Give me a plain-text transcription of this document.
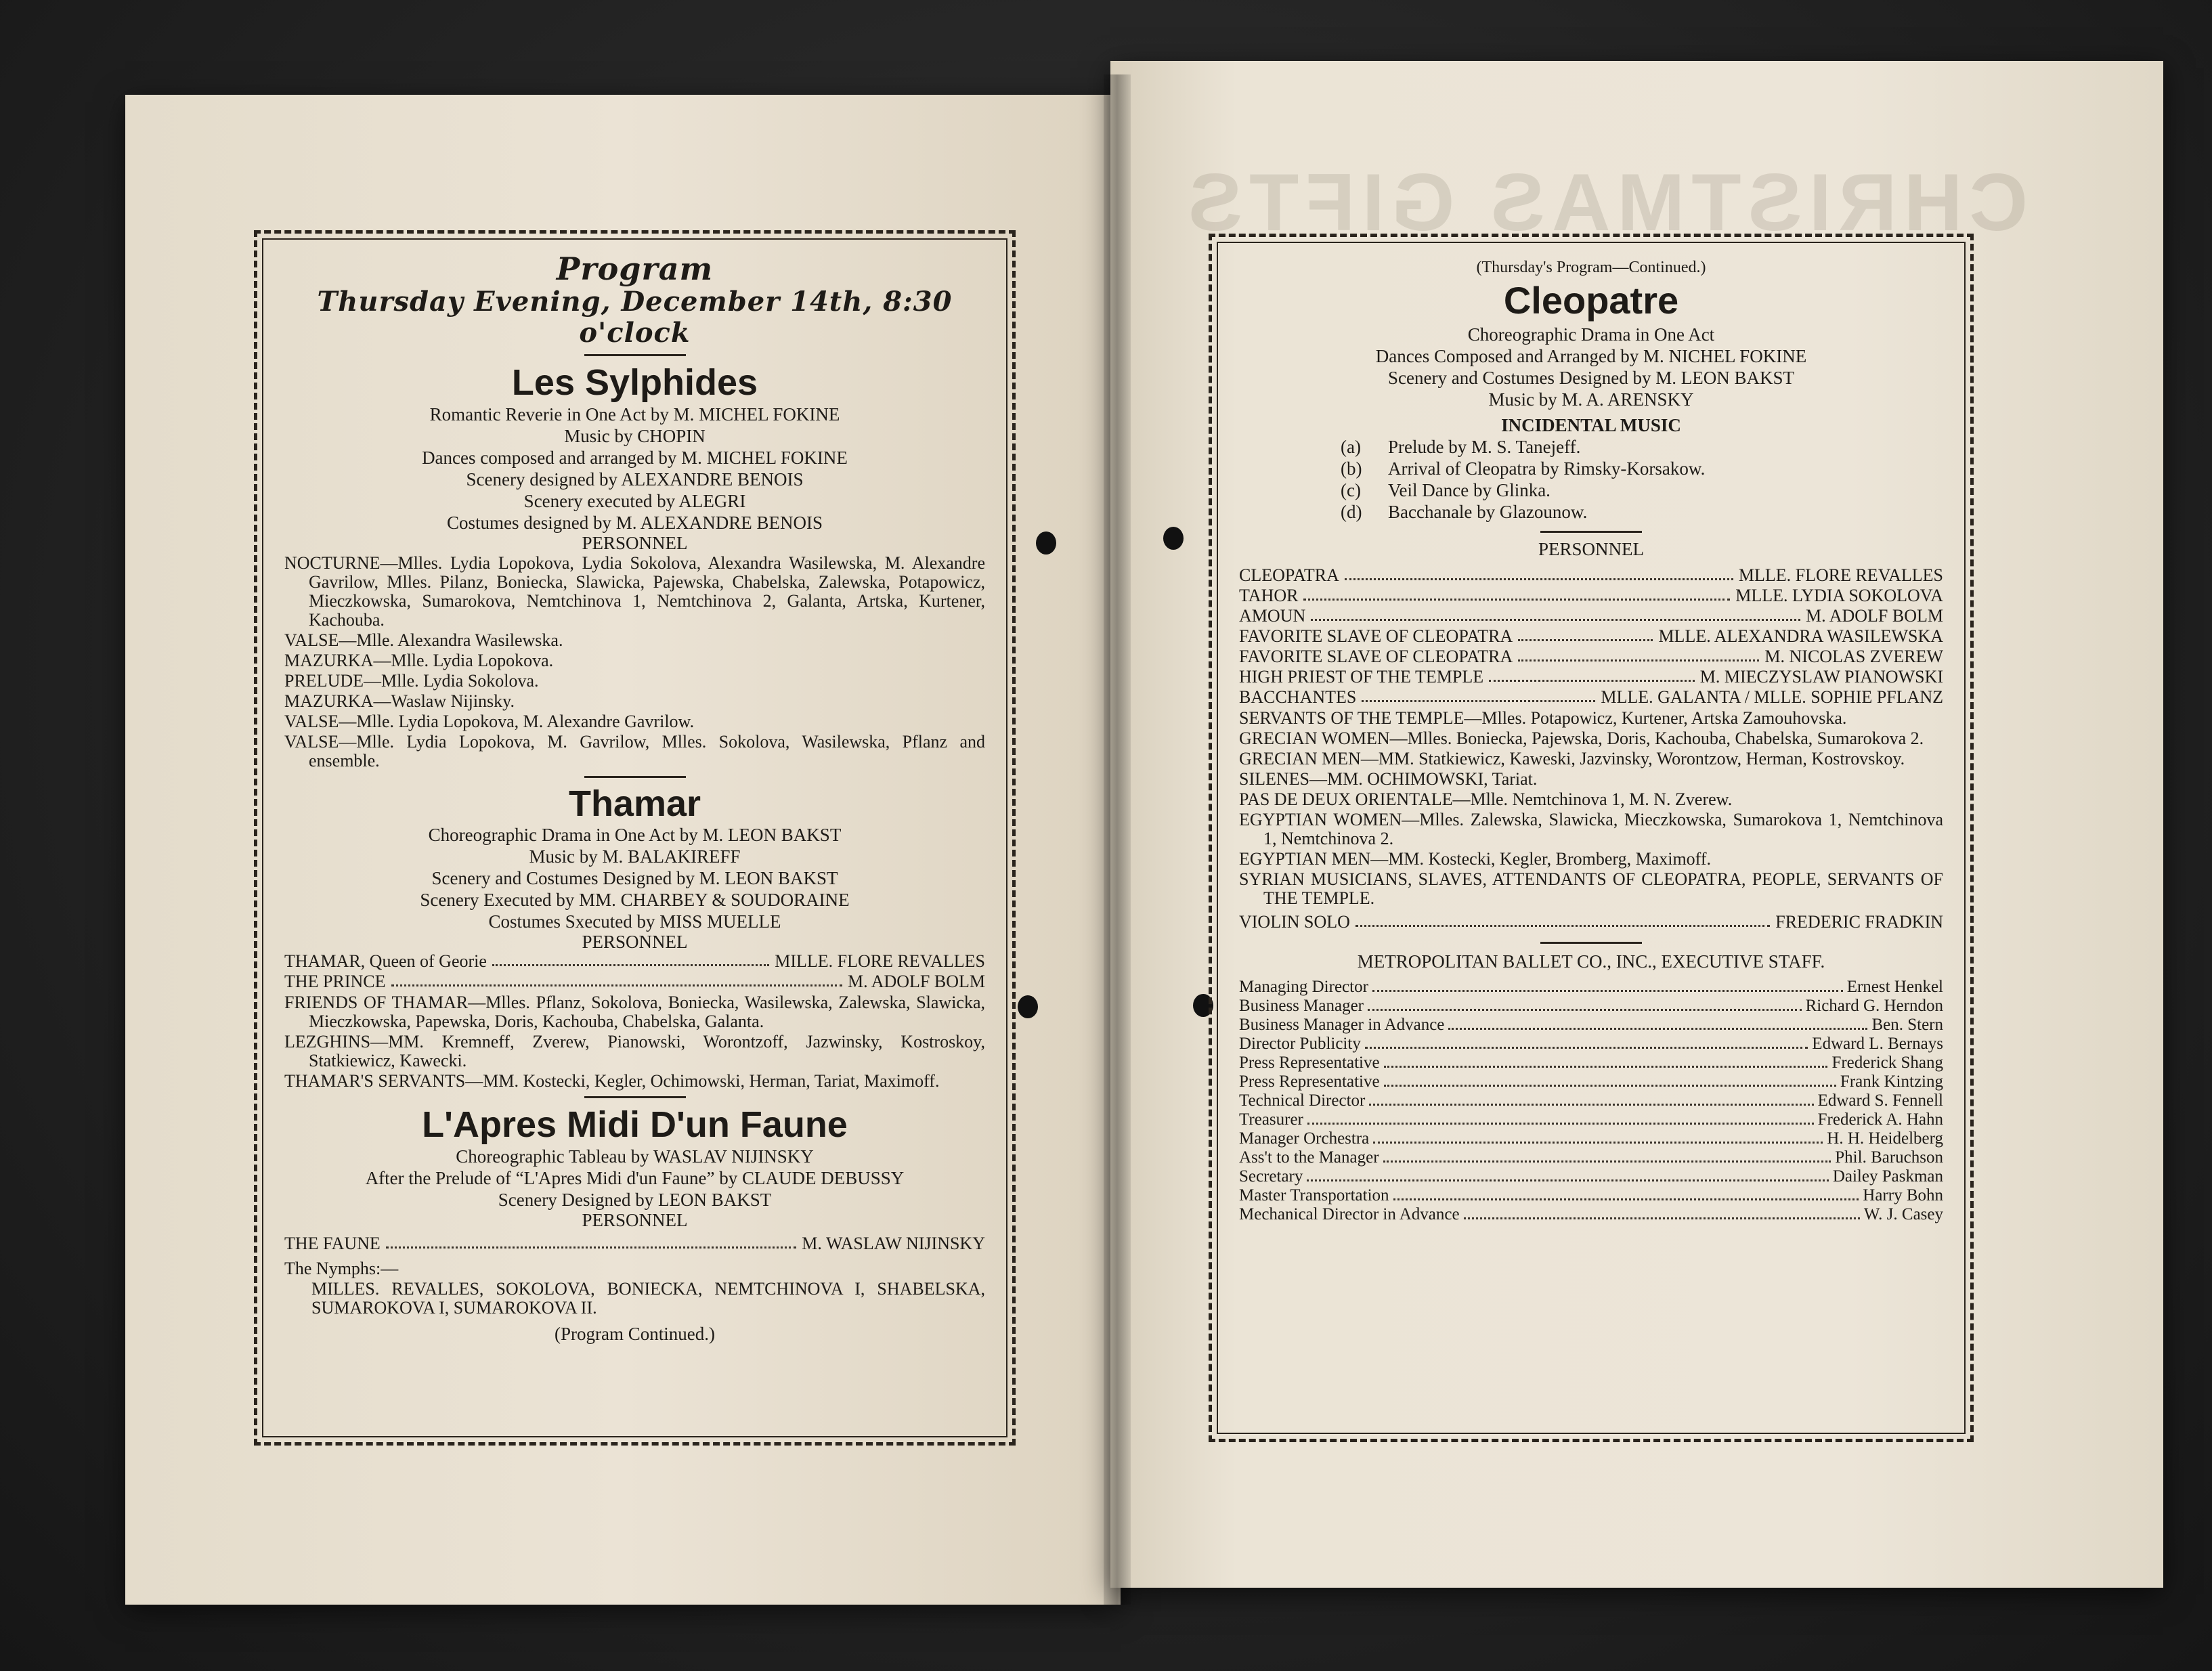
CHRISTMAS GIFTS
Program
Thursday Evening, December 14th, 8:30 o'clock
Les Sylphides
Romantic Reverie in One Act by M. MICHEL FOKINE
Music by CHOPIN
Dances composed and arranged by M. MICHEL FOKINE
Scenery designed by ALEXANDRE BENOIS
Scenery executed by ALEGRI
Costumes designed by M. ALEXANDRE BENOIS
PERSONNEL
NOCTURNE—Mlles. Lydia Lopokova, Lydia Sokolova, Alexandra Wasilewska, M. Alexandre Gavrilow, Mlles. Pilanz, Boniecka, Slawicka, Pajewska, Chabelska, Zalewska, Potapowicz, Mieczkowska, Sumarokova, Nemtchinova 1, Nemtchinova 2, Galanta, Artska, Kurtener, Kachouba.
VALSE—Mlle. Alexandra Wasilewska.
MAZURKA—Mlle. Lydia Lopokova.
PRELUDE—Mlle. Lydia Sokolova.
MAZURKA—Waslaw Nijinsky.
VALSE—Mlle. Lydia Lopokova, M. Alexandre Gavrilow.
VALSE—Mlle. Lydia Lopokova, M. Gavrilow, Mlles. Sokolova, Wasilewska, Pflanz and ensemble.
Thamar
Choreographic Drama in One Act by M. LEON BAKST
Music by M. BALAKIREFF
Scenery and Costumes Designed by M. LEON BAKST
Scenery Executed by MM. CHARBEY & SOUDORAINE
Costumes Sxecuted by MISS MUELLE
PERSONNEL
THAMAR, Queen of Georie	MILLE. FLORE REVALLES
THE PRINCE	M. ADOLF BOLM
FRIENDS OF THAMAR—Mlles. Pflanz, Sokolova, Boniecka, Wasilewska, Zalewska, Slawicka, Mieczkowska, Papewska, Doris, Kachouba, Chabelska, Galanta.
LEZGHINS—MM. Kremneff, Zverew, Pianowski, Worontzoff, Jazwinsky, Kostroskoy, Statkiewicz, Kawecki.
THAMAR'S SERVANTS—MM. Kostecki, Kegler, Ochimowski, Herman, Tariat, Maximoff.
L'Apres Midi D'un Faune
Choreographic Tableau by WASLAV NIJINSKY
After the Prelude of “L'Apres Midi d'un Faune” by CLAUDE DEBUSSY
Scenery Designed by LEON BAKST
PERSONNEL
THE FAUNE	M. WASLAW NIJINSKY
The Nymphs:—
MILLES. REVALLES, SOKOLOVA, BONIECKA, NEMTCHINOVA I, SHABELSKA, SUMAROKOVA I, SUMAROKOVA II.
(Program Continued.)
(Thursday's Program—Continued.)
Cleopatre
Choreographic Drama in One Act
Dances Composed and Arranged by M. NICHEL FOKINE
Scenery and Costumes Designed by M. LEON BAKST
Music by M. A. ARENSKY
INCIDENTAL MUSIC
(a)	Prelude by M. S. Tanejeff.
(b)	Arrival of Cleopatra by Rimsky-Korsakow.
(c)	Veil Dance by Glinka.
(d)	Bacchanale by Glazounow.
PERSONNEL
CLEOPATRA	MLLE. FLORE REVALLES
TAHOR	MLLE. LYDIA SOKOLOVA
AMOUN	M. ADOLF BOLM
FAVORITE SLAVE OF CLEOPATRA	MLLE. ALEXANDRA WASILEWSKA
FAVORITE SLAVE OF CLEOPATRA	M. NICOLAS ZVEREW
HIGH PRIEST OF THE TEMPLE	M. MIECZYSLAW PIANOWSKI
BACCHANTES	MLLE. GALANTA / MLLE. SOPHIE PFLANZ
SERVANTS OF THE TEMPLE—Mlles. Potapowicz, Kurtener, Artska Zamouhovska.
GRECIAN WOMEN—Mlles. Boniecka, Pajewska, Doris, Kachouba, Chabelska, Sumarokova 2.
GRECIAN MEN—MM. Statkiewicz, Kaweski, Jazvinsky, Worontzow, Herman, Kostrovskoy.
SILENES—MM. OCHIMOWSKI, Tariat.
PAS DE DEUX ORIENTALE—Mlle. Nemtchinova 1, M. N. Zverew.
EGYPTIAN WOMEN—Mlles. Zalewska, Slawicka, Mieczkowska, Sumarokova 1, Nemtchinova 1, Nemtchinova 2.
EGYPTIAN MEN—MM. Kostecki, Kegler, Bromberg, Maximoff.
SYRIAN MUSICIANS, SLAVES, ATTENDANTS OF CLEOPATRA, PEOPLE, SERVANTS OF THE TEMPLE.
VIOLIN SOLO	FREDERIC FRADKIN
METROPOLITAN BALLET CO., INC., EXECUTIVE STAFF.
Managing Director	Ernest Henkel
Business Manager	Richard G. Herndon
Business Manager in Advance	Ben. Stern
Director Publicity	Edward L. Bernays
Press Representative	Frederick Shang
Press Representative	Frank Kintzing
Technical Director	Edward S. Fennell
Treasurer	Frederick A. Hahn
Manager Orchestra	H. H. Heidelberg
Ass't to the Manager	Phil. Baruchson
Secretary	Dailey Paskman
Master Transportation	Harry Bohn
Mechanical Director in Advance	W. J. Casey
